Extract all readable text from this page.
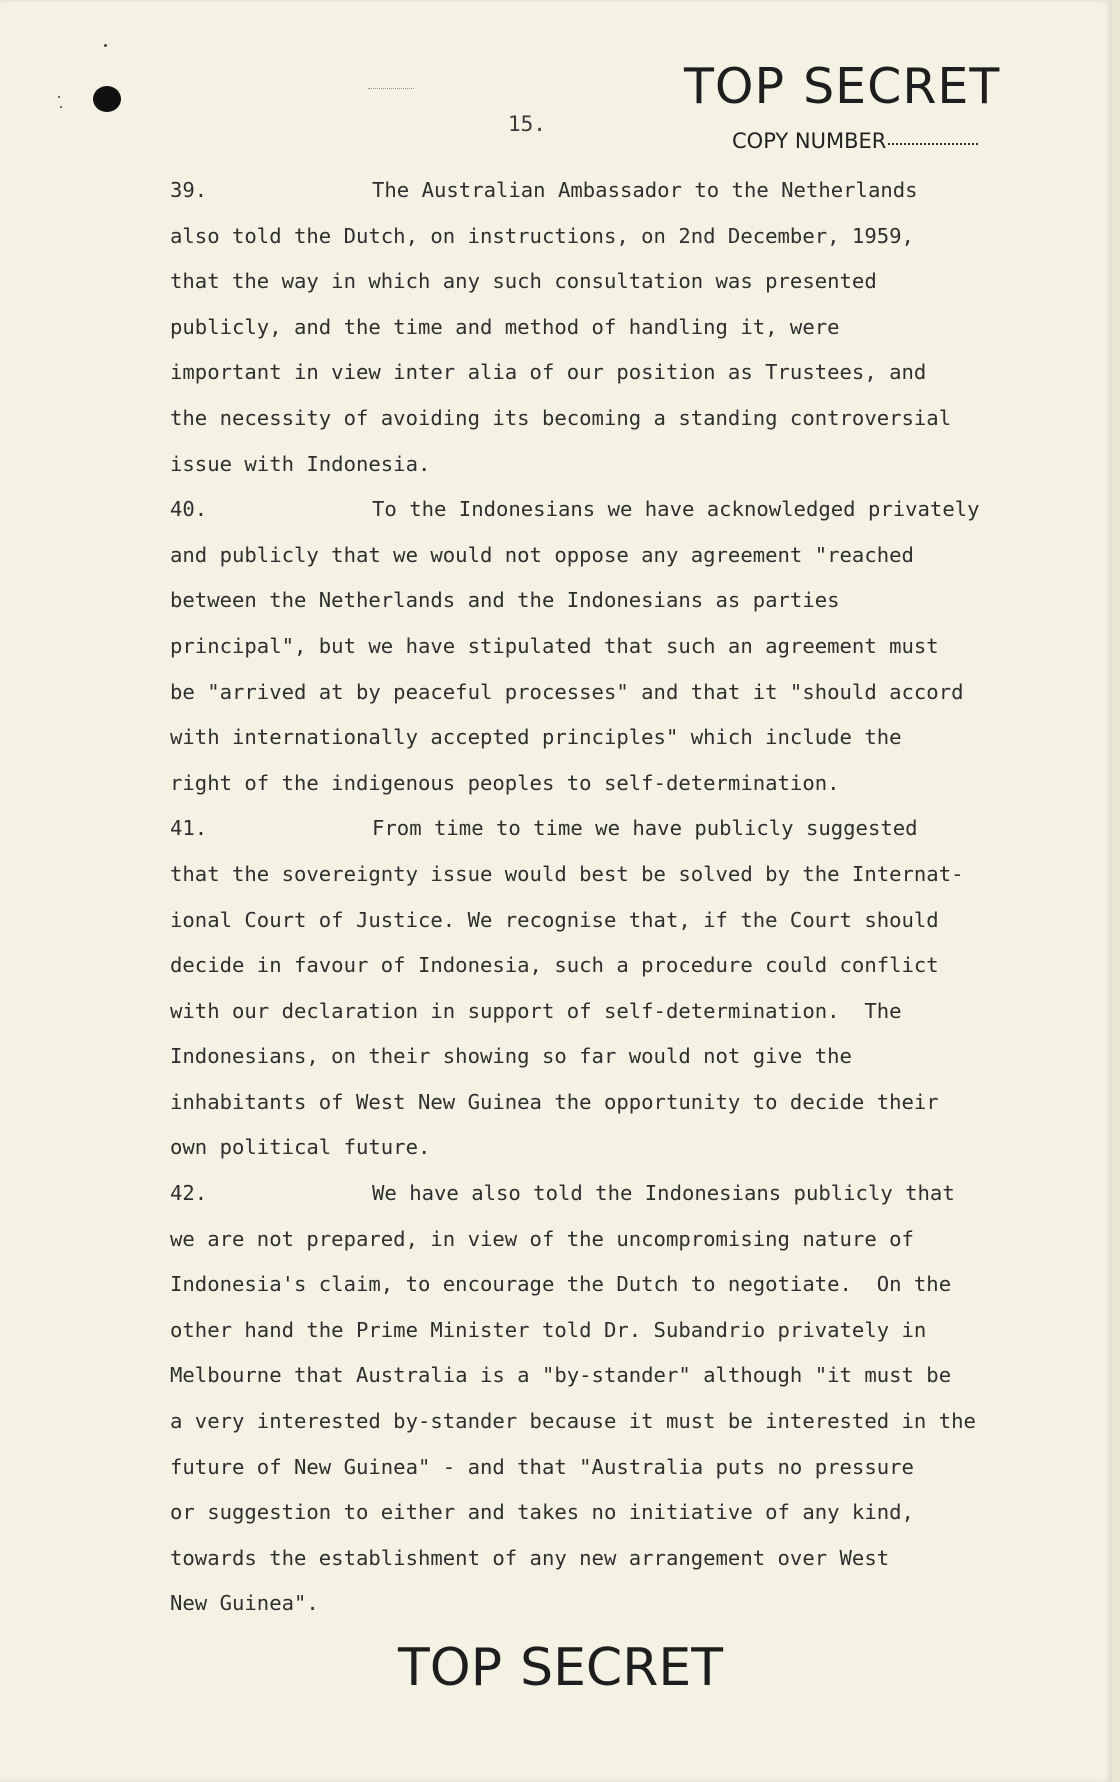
15.
TOP SECRET
COPY NUMBER
39.	The Australian Ambassador to the Netherlands
also told the Dutch, on instructions, on 2nd December, 1959,
that the way in which any such consultation was presented
publicly, and the time and method of handling it, were
important in view inter alia of our position as Trustees, and
the necessity of avoiding its becoming a standing controversial
issue with Indonesia.
40.	To the Indonesians we have acknowledged privately
and publicly that we would not oppose any agreement "reached
between the Netherlands and the Indonesians as parties
principal", but we have stipulated that such an agreement must
be "arrived at by peaceful processes" and that it "should accord
with internationally accepted principles" which include the
right of the indigenous peoples to self-determination.
41.	From time to time we have publicly suggested
that the sovereignty issue would best be solved by the Internat-
ional Court of Justice. We recognise that, if the Court should
decide in favour of Indonesia, such a procedure could conflict
with our declaration in support of self-determination.  The
Indonesians, on their showing so far would not give the
inhabitants of West New Guinea the opportunity to decide their
own political future.
42.	We have also told the Indonesians publicly that
we are not prepared, in view of the uncompromising nature of
Indonesia's claim, to encourage the Dutch to negotiate.  On the
other hand the Prime Minister told Dr. Subandrio privately in
Melbourne that Australia is a "by-stander" although "it must be
a very interested by-stander because it must be interested in the
future of New Guinea" - and that "Australia puts no pressure
or suggestion to either and takes no initiative of any kind,
towards the establishment of any new arrangement over West
New Guinea".
TOP SECRET
